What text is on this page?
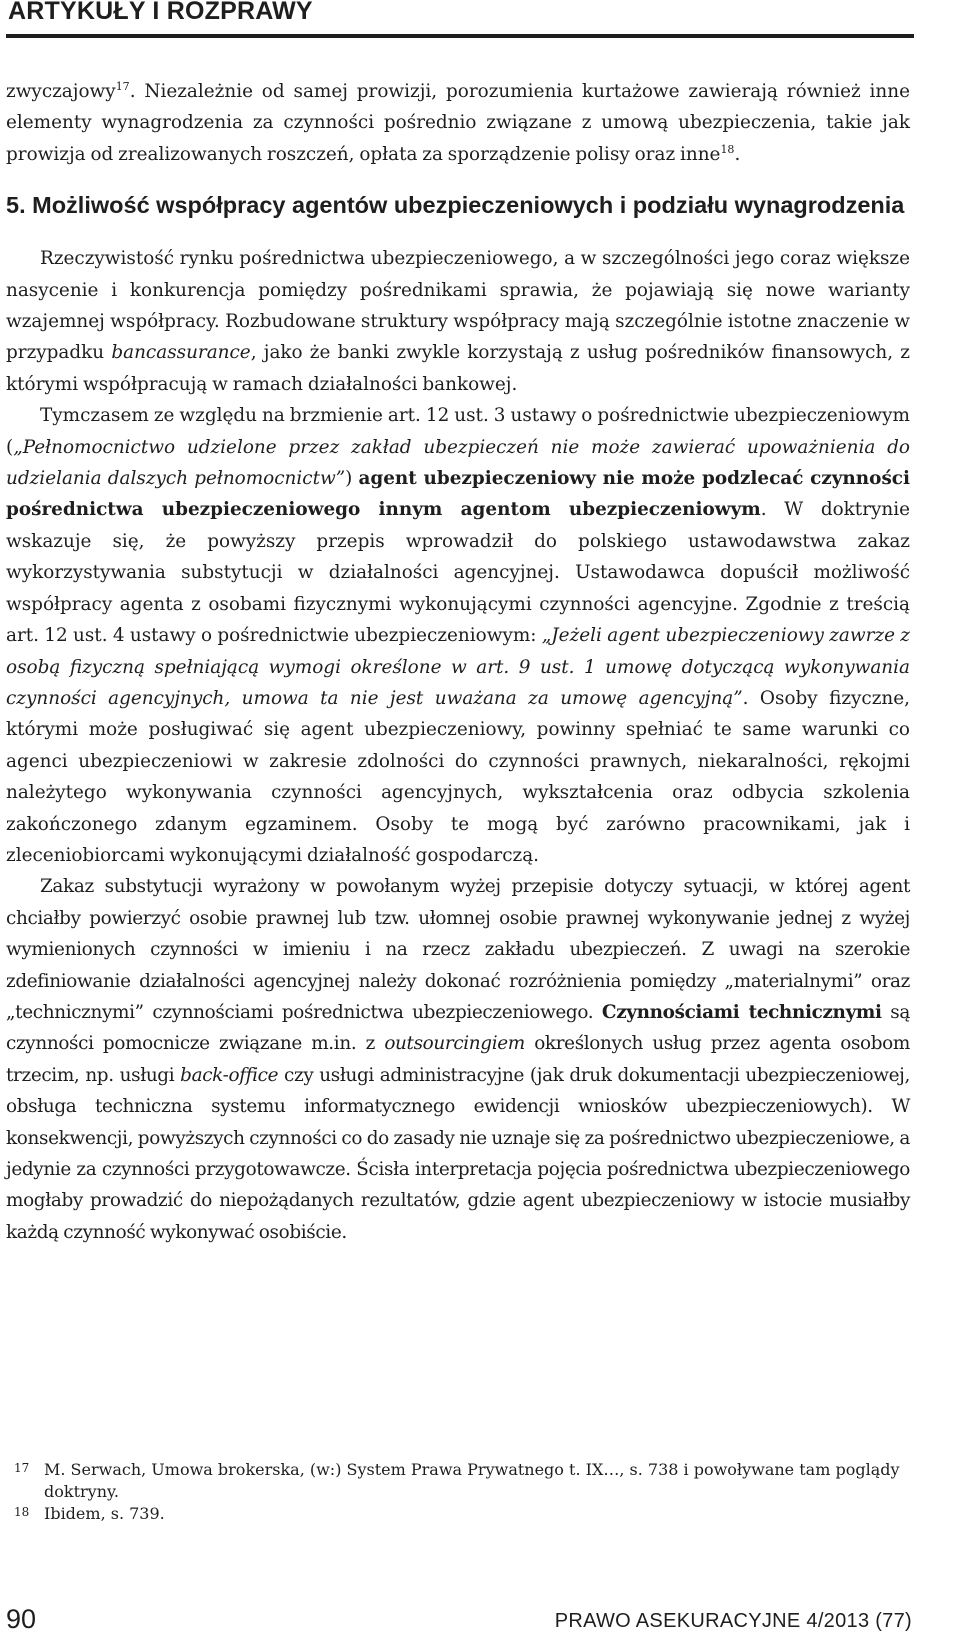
ARTYKUŁY I ROZPRAWY

zwyczajowy$^{17}$. Niezależnie od samej prowizji, porozumienia kurtażowe zawierają również inne elementy wynagrodzenia za czynności pośrednio związane z umową ubezpieczenia, takie jak prowizja od zrealizowanych roszczeń, opłata za sporządzenie polisy oraz inne$^{18}$.

5. Możliwość współpracy agentów ubezpieczeniowych i podziału wynagrodzenia

Rzeczywistość rynku pośrednictwa ubezpieczeniowego, a w szczególności jego coraz większe nasycenie i konkurencja pomiędzy pośrednikami sprawia, że pojawiają się nowe warianty wzajemnej współpracy. Rozbudowane struktury współpracy mają szczególnie istotne znaczenie w przypadku bancassurance, jako że banki zwykle korzystają z usług pośredników finansowych, z którymi współpracują w ramach działalności bankowej.

Tymczasem ze względu na brzmienie art. 12 ust. 3 ustawy o pośrednictwie ubezpieczeniowym („Pełnomocnictwo udzielone przez zakład ubezpieczeń nie może zawierać upoważnienia do udzielania dalszych pełnomocnictw”) agent ubezpieczeniowy nie może podzlecać czynności pośrednictwa ubezpieczeniowego innym agentom ubezpieczeniowym. W doktrynie wskazuje się, że powyższy przepis wprowadził do polskiego ustawodawstwa zakaz wykorzystywania substytucji w działalności agencyjnej. Ustawodawca dopuścił możliwość współpracy agenta z osobami fizycznymi wykonującymi czynności agencyjne. Zgodnie z treścią art. 12 ust. 4 ustawy o pośrednictwie ubezpieczeniowym: „Jeżeli agent ubezpieczeniowy zawrze z osobą fizyczną spełniającą wymogi określone w art. 9 ust. 1 umowę dotyczącą wykonywania czynności agencyjnych, umowa ta nie jest uważana za umowę agencyjną”. Osoby fizyczne, którymi może posługiwać się agent ubezpieczeniowy, powinny spełniać te same warunki co agenci ubezpieczeniowi w zakresie zdolności do czynności prawnych, niekaralności, rękojmi należytego wykonywania czynności agencyjnych, wykształcenia oraz odbycia szkolenia zakończonego zdanym egzaminem. Osoby te mogą być zarówno pracownikami, jak i zleceniobiorcami wykonującymi działalność gospodarczą.

Zakaz substytucji wyrażony w powołanym wyżej przepisie dotyczy sytuacji, w której agent chciałby powierzyć osobie prawnej lub tzw. ułomnej osobie prawnej wykonywanie jednej z wyżej wymienionych czynności w imieniu i na rzecz zakładu ubezpieczeń. Z uwagi na szerokie zdefiniowanie działalności agencyjnej należy dokonać rozróżnienia pomiędzy „materialnymi” oraz „technicznymi” czynnościami pośrednictwa ubezpieczeniowego. Czynnościami technicznymi są czynności pomocnicze związane m.in. z outsourcingiem określonych usług przez agenta osobom trzecim, np. usługi back-office czy usługi administracyjne (jak druk dokumentacji ubezpieczeniowej, obsługa techniczna systemu informatycznego ewidencji wniosków ubezpieczeniowych). W konsekwencji, powyższych czynności co do zasady nie uznaje się za pośrednictwo ubezpieczeniowe, a jedynie za czynności przygotowawcze. Ścisła interpretacja pojęcia pośrednictwa ubezpieczeniowego mogłaby prowadzić do niepożądanych rezultatów, gdzie agent ubezpieczeniowy w istocie musiałby każdą czynność wykonywać osobiście.

17 M. Serwach, Umowa brokerska, (w:) System Prawa Prywatnego t. IX…, s. 738 i powoływane tam poglądy doktryny.
18 Ibidem, s. 739.
90	PRAWO ASEKURACYJNE 4/2013 (77)
